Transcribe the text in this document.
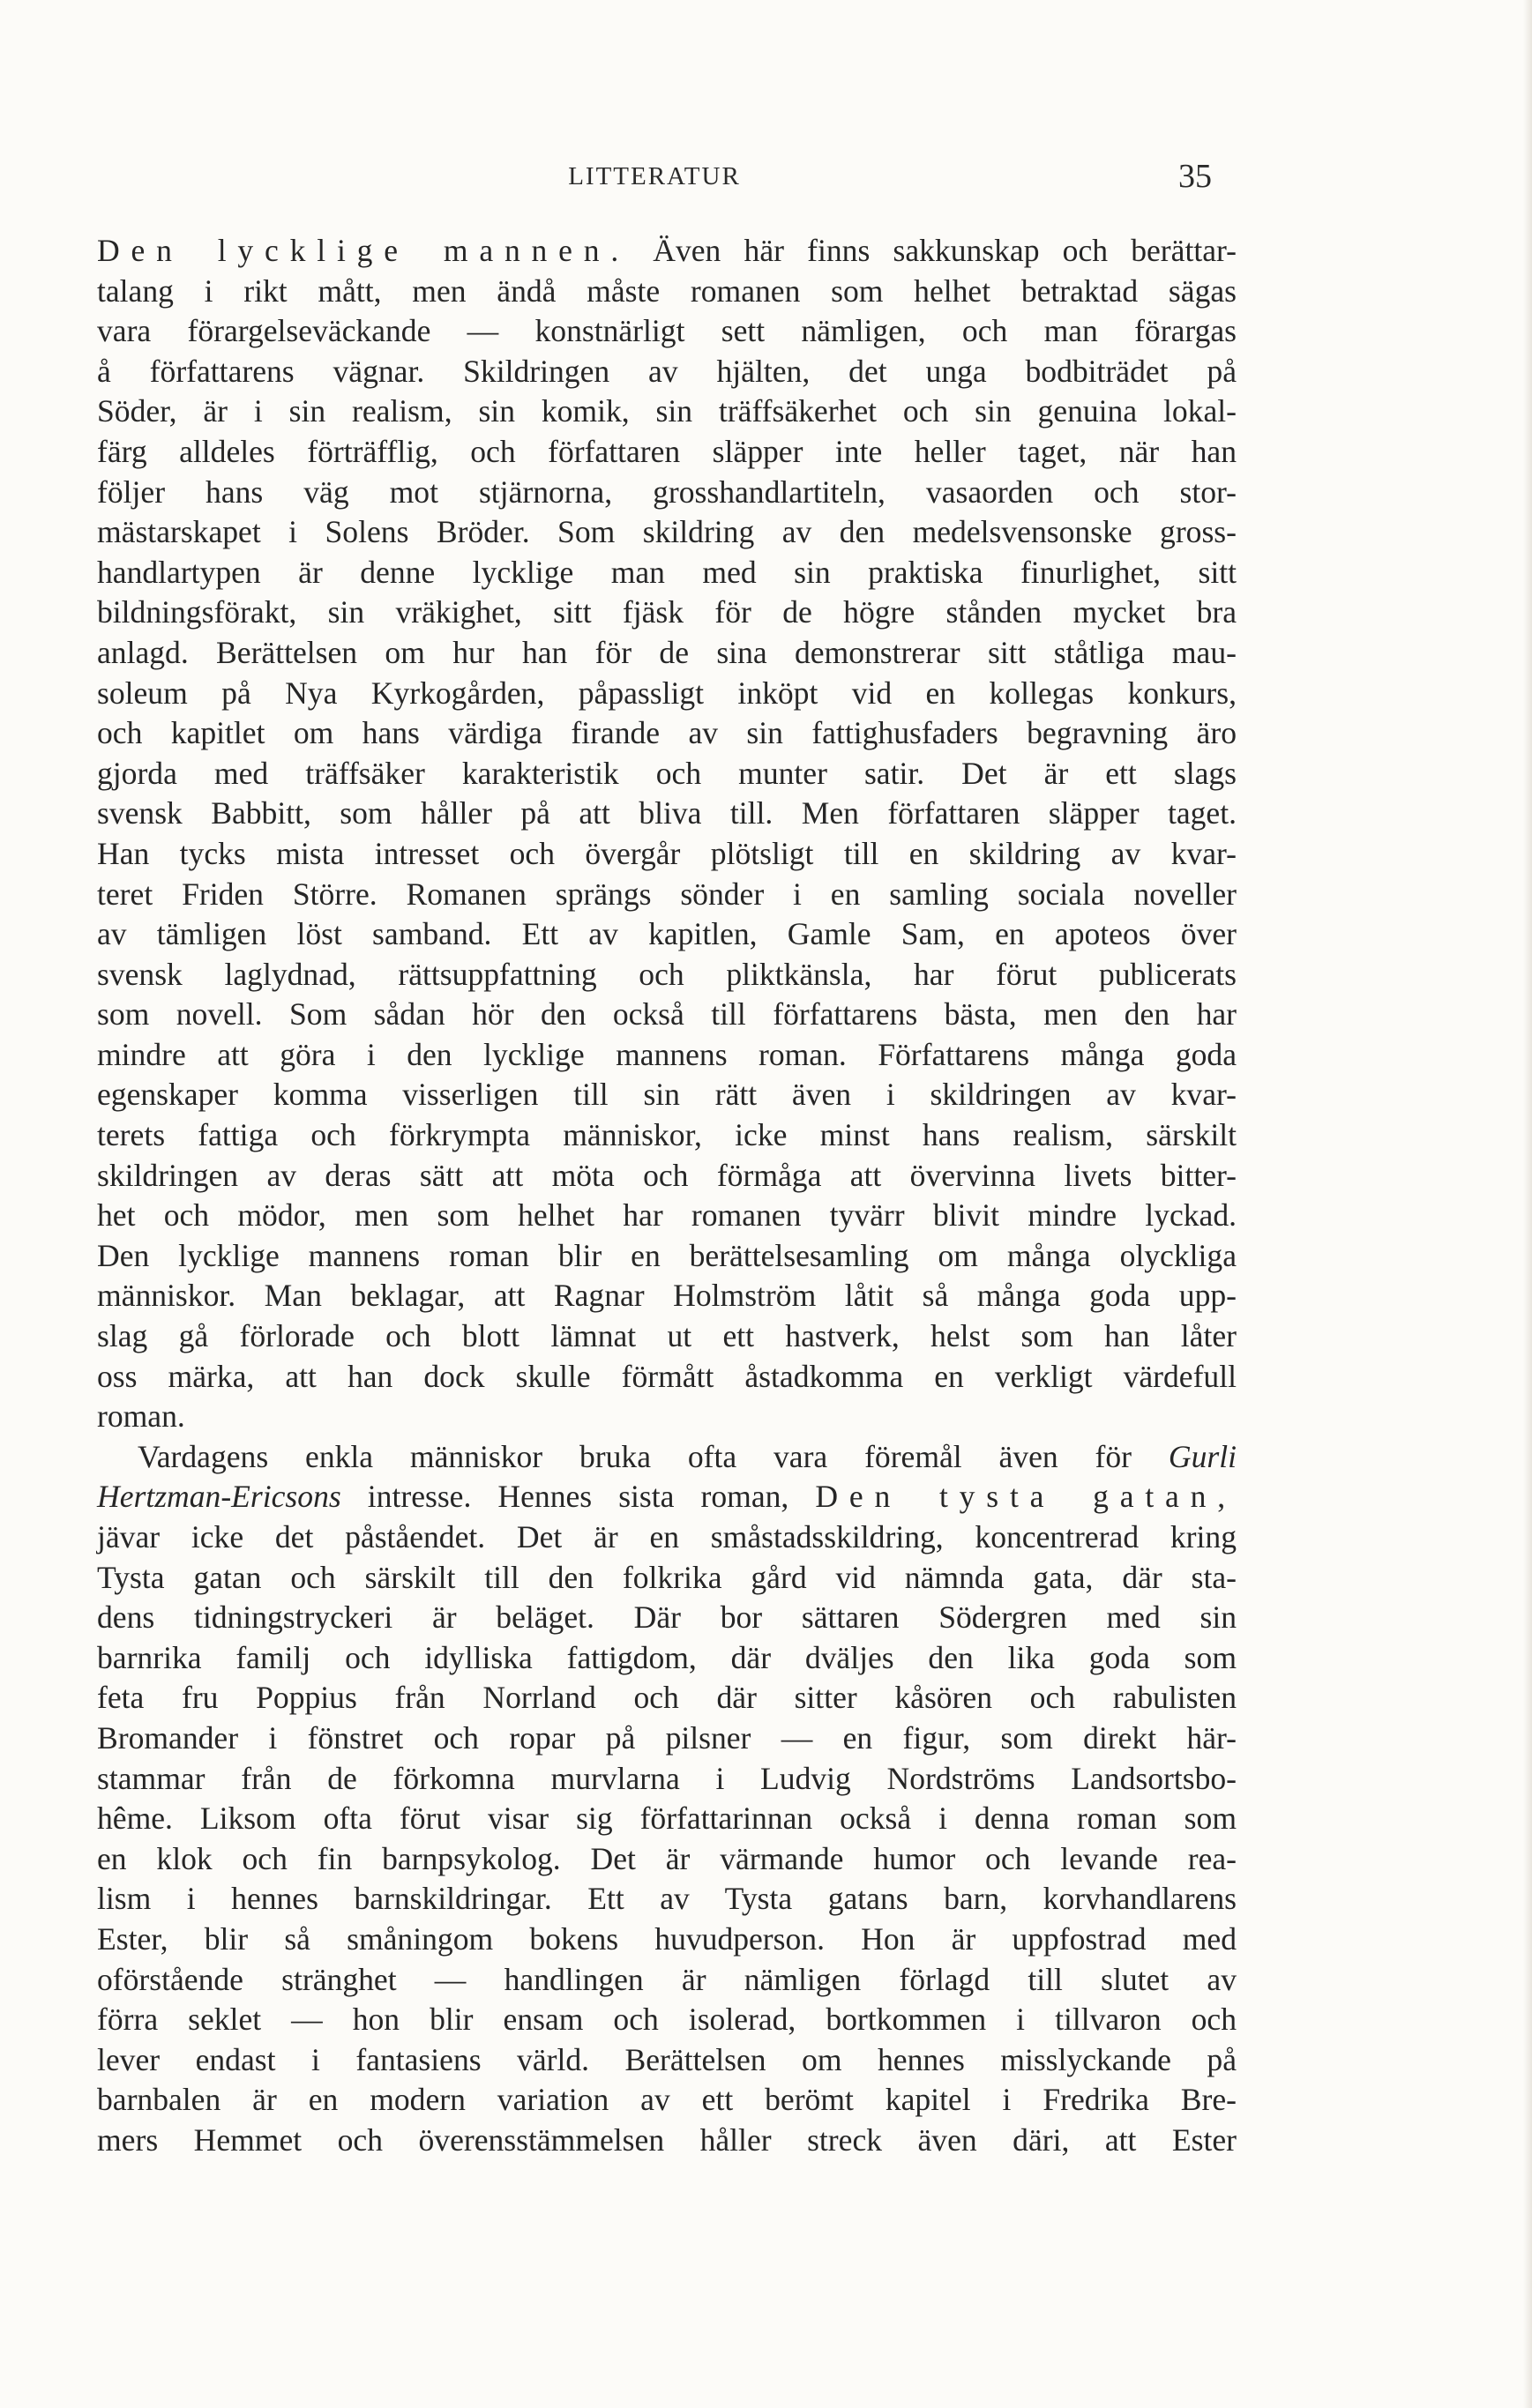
LITTERATUR	35
Den lycklige mannen. Även här finns sakkunskap och berättar-
talang i rikt mått, men ändå måste romanen som helhet betraktad sägas
vara förargelseväckande — konstnärligt sett nämligen, och man förargas
å författarens vägnar. Skildringen av hjälten, det unga bodbiträdet på
Söder, är i sin realism, sin komik, sin träffsäkerhet och sin genuina lokal-
färg alldeles förträfflig, och författaren släpper inte heller taget, när han
följer hans väg mot stjärnorna, grosshandlartiteln, vasaorden och stor-
mästarskapet i Solens Bröder. Som skildring av den medelsvensonske gross-
handlartypen är denne lycklige man med sin praktiska finurlighet, sitt
bildningsförakt, sin vräkighet, sitt fjäsk för de högre stånden mycket bra
anlagd. Berättelsen om hur han för de sina demonstrerar sitt ståtliga mau-
soleum på Nya Kyrkogården, påpassligt inköpt vid en kollegas konkurs,
och kapitlet om hans värdiga firande av sin fattighusfaders begravning äro
gjorda med träffsäker karakteristik och munter satir. Det är ett slags
svensk Babbitt, som håller på att bliva till. Men författaren släpper taget.
Han tycks mista intresset och övergår plötsligt till en skildring av kvar-
teret Friden Större. Romanen sprängs sönder i en samling sociala noveller
av tämligen löst samband. Ett av kapitlen, Gamle Sam, en apoteos över
svensk laglydnad, rättsuppfattning och pliktkänsla, har förut publicerats
som novell. Som sådan hör den också till författarens bästa, men den har
mindre att göra i den lycklige mannens roman. Författarens många goda
egenskaper komma visserligen till sin rätt även i skildringen av kvar-
terets fattiga och förkrympta människor, icke minst hans realism, särskilt
skildringen av deras sätt att möta och förmåga att övervinna livets bitter-
het och mödor, men som helhet har romanen tyvärr blivit mindre lyckad.
Den lycklige mannens roman blir en berättelsesamling om många olyckliga
människor. Man beklagar, att Ragnar Holmström låtit så många goda upp-
slag gå förlorade och blott lämnat ut ett hastverk, helst som han låter
oss märka, att han dock skulle förmått åstadkomma en verkligt värdefull
roman.
Vardagens enkla människor bruka ofta vara föremål även för Gurli
Hertzman-Ericsons intresse. Hennes sista roman, Den tysta gatan,
jävar icke det påståendet. Det är en småstadsskildring, koncentrerad kring
Tysta gatan och särskilt till den folkrika gård vid nämnda gata, där sta-
dens tidningstryckeri är beläget. Där bor sättaren Södergren med sin
barnrika familj och idylliska fattigdom, där dväljes den lika goda som
feta fru Poppius från Norrland och där sitter kåsören och rabulisten
Bromander i fönstret och ropar på pilsner — en figur, som direkt här-
stammar från de förkomna murvlarna i Ludvig Nordströms Landsortsbo-
hême. Liksom ofta förut visar sig författarinnan också i denna roman som
en klok och fin barnpsykolog. Det är värmande humor och levande rea-
lism i hennes barnskildringar. Ett av Tysta gatans barn, korvhandlarens
Ester, blir så småningom bokens huvudperson. Hon är uppfostrad med
oförstående stränghet — handlingen är nämligen förlagd till slutet av
förra seklet — hon blir ensam och isolerad, bortkommen i tillvaron och
lever endast i fantasiens värld. Berättelsen om hennes misslyckande på
barnbalen är en modern variation av ett berömt kapitel i Fredrika Bre-
mers Hemmet och överensstämmelsen håller streck även däri, att Ester
